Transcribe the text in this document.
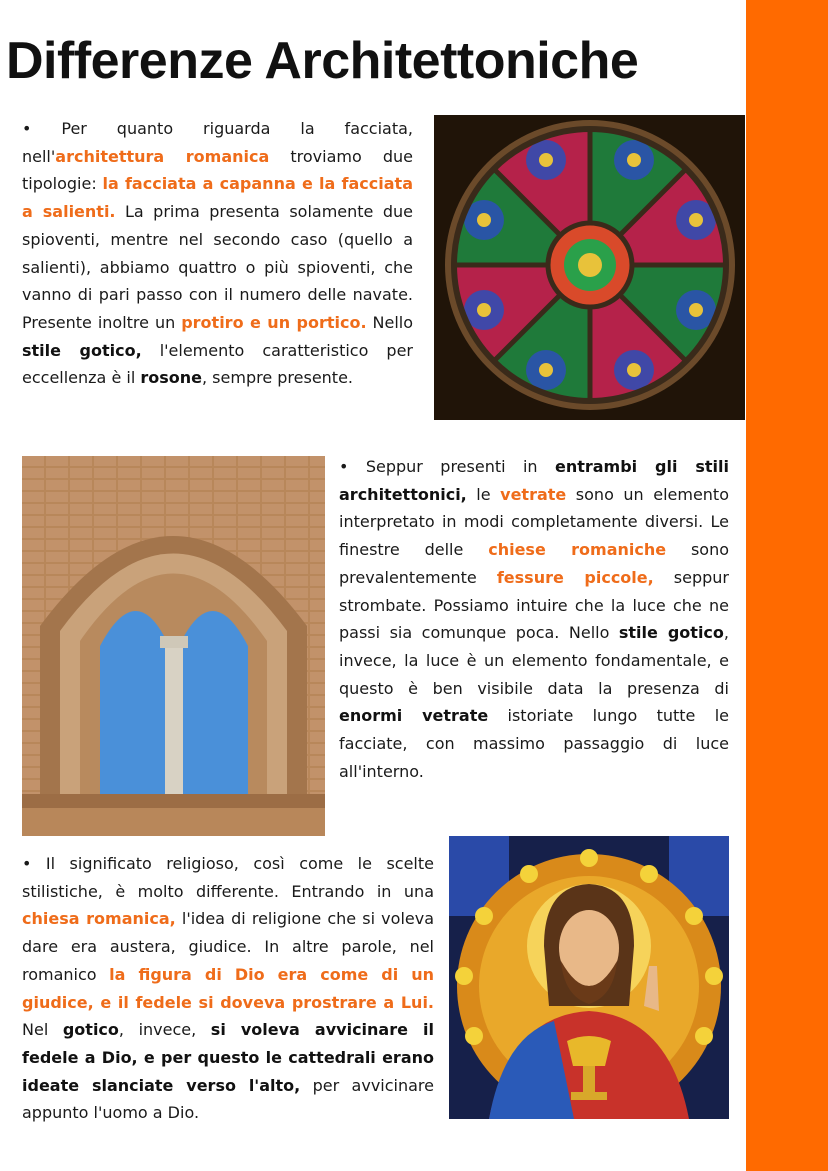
Differenze Architettoniche

• Per quanto riguarda la facciata, nell'architettura romanica troviamo due tipologie: la facciata a capanna e la facciata a salienti. La prima presenta solamente due spioventi, mentre nel secondo caso (quello a salienti), abbiamo quattro o più spioventi, che vanno di pari passo con il numero delle navate. Presente inoltre un protiro e un portico. Nello stile gotico, l'elemento caratteristico per eccellenza è il rosone, sempre presente.

• Seppur presenti in entrambi gli stili architettonici, le vetrate sono un elemento interpretato in modi completamente diversi. Le finestre delle chiese romaniche sono prevalentemente fessure piccole, seppur strombate. Possiamo intuire che la luce che ne passi sia comunque poca. Nello stile gotico, invece, la luce è un elemento fondamentale, e questo è ben visibile data la presenza di enormi vetrate istoriate lungo tutte le facciate, con massimo passaggio di luce all'interno.

• Il significato religioso, così come le scelte stilistiche, è molto differente. Entrando in una chiesa romanica, l'idea di religione che si voleva dare era austera, giudice. In altre parole, nel romanico la figura di Dio era come di un giudice, e il fedele si doveva prostrare a Lui. Nel gotico, invece, si voleva avvicinare il fedele a Dio, e per questo le cattedrali erano ideate slanciate verso l'alto, per avvicinare appunto l'uomo a Dio.
